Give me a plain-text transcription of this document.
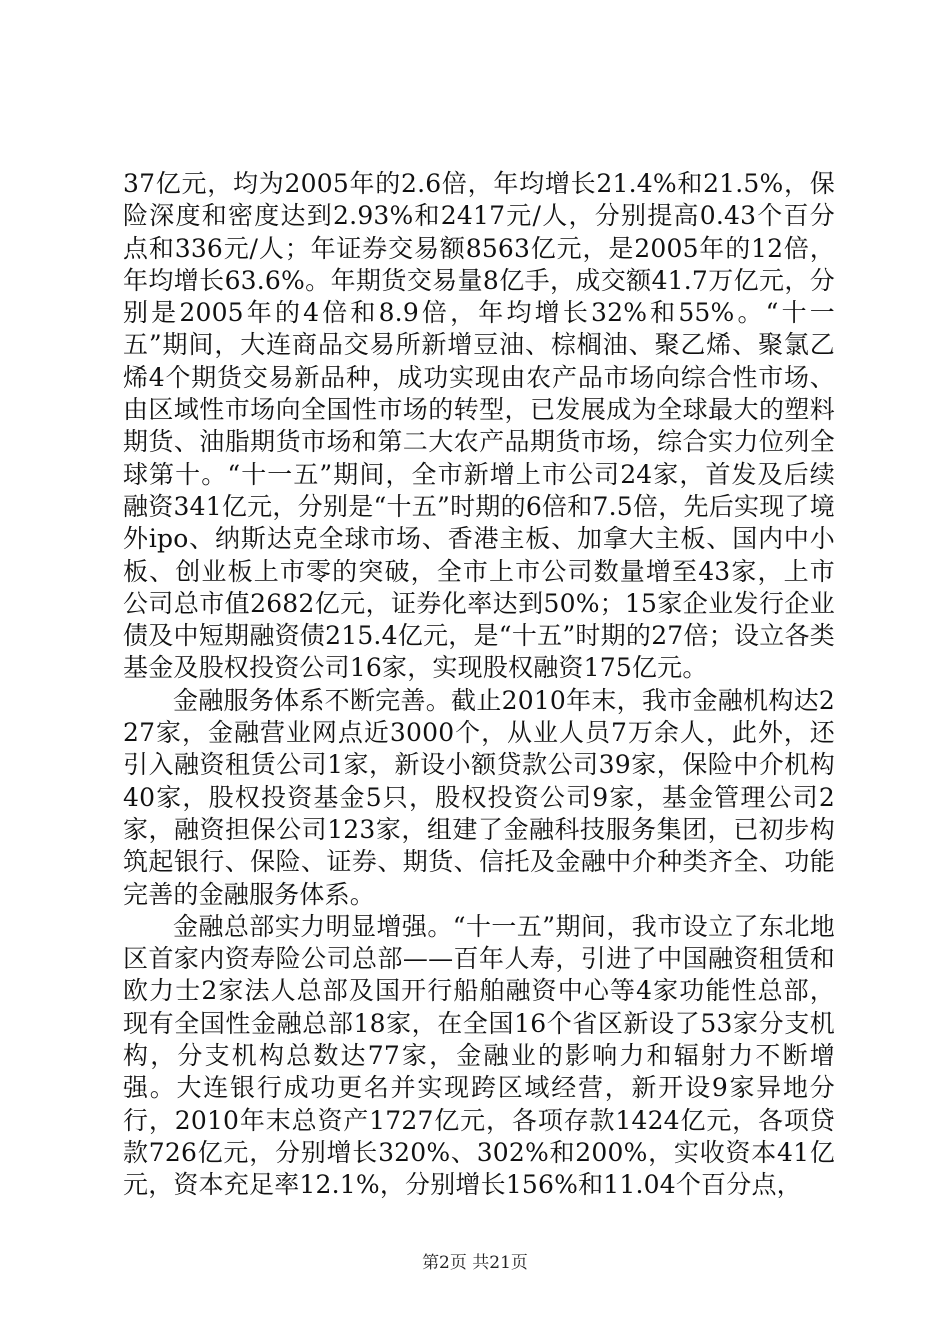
37亿元，均为2005年的2.6倍，年均增长21.4%和21.5%，保险深度和密度达到2.93%和2417元/人，分别提高0.43个百分点和336元/人；年证券交易额8563亿元，是2005年的12倍，年均增长63.6%。年期货交易量8亿手，成交额41.7万亿元，分别是2005年的4倍和8.9倍，年均增长32%和55%。“十一五”期间，大连商品交易所新增豆油、棕榈油、聚乙烯、聚氯乙烯4个期货交易新品种，成功实现由农产品市场向综合性市场、由区域性市场向全国性市场的转型，已发展成为全球最大的塑料期货、油脂期货市场和第二大农产品期货市场，综合实力位列全球第十。“十一五”期间，全市新增上市公司24家，首发及后续融资341亿元，分别是“十五”时期的6倍和7.5倍，先后实现了境外ipo、纳斯达克全球市场、香港主板、加拿大主板、国内中小板、创业板上市零的突破，全市上市公司数量增至43家，上市公司总市值2682亿元，证券化率达到50%；15家企业发行企业债及中短期融资债215.4亿元，是“十五”时期的27倍；设立各类基金及股权投资公司16家，实现股权融资175亿元。

金融服务体系不断完善。截止2010年末，我市金融机构达227家，金融营业网点近3000个，从业人员7万余人，此外，还引入融资租赁公司1家，新设小额贷款公司39家，保险中介机构40家，股权投资基金5只，股权投资公司9家，基金管理公司2家，融资担保公司123家，组建了金融科技服务集团，已初步构筑起银行、保险、证券、期货、信托及金融中介种类齐全、功能完善的金融服务体系。

金融总部实力明显增强。“十一五”期间，我市设立了东北地区首家内资寿险公司总部——百年人寿，引进了中国融资租赁和欧力士2家法人总部及国开行船舶融资中心等4家功能性总部，现有全国性金融总部18家，在全国16个省区新设了53家分支机构，分支机构总数达77家，金融业的影响力和辐射力不断增强。大连银行成功更名并实现跨区域经营，新开设9家异地分行，2010年末总资产1727亿元，各项存款1424亿元，各项贷款726亿元，分别增长320%、302%和200%，实收资本41亿元，资本充足率12.1%，分别增长156%和11.04个百分点，

第2页 共21页
